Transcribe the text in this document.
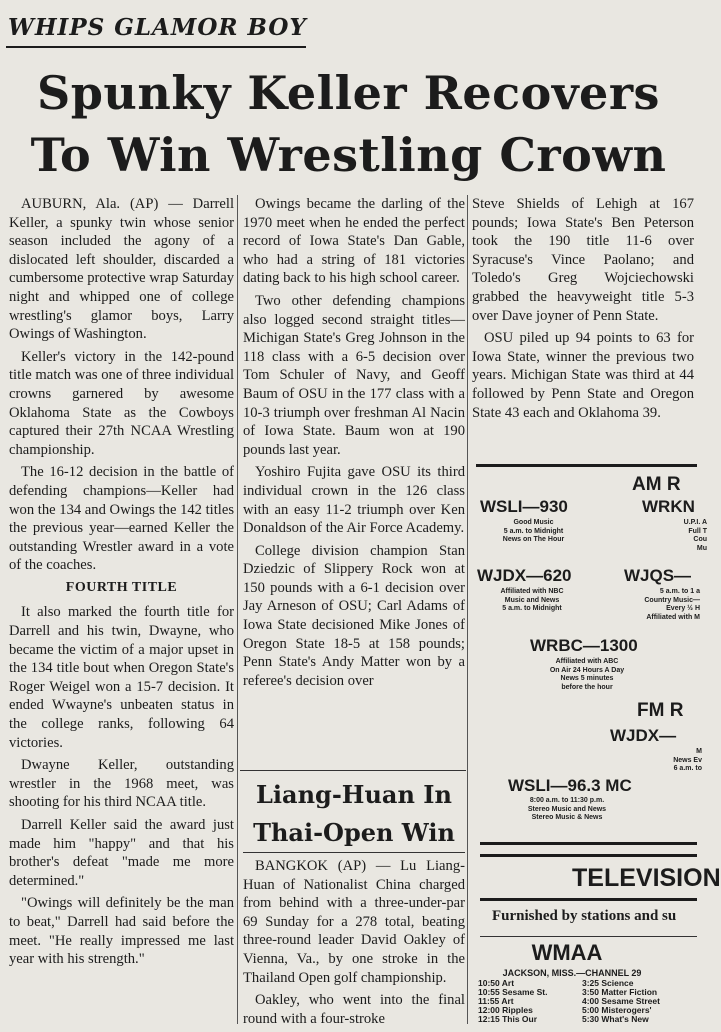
WHIPS GLAMOR BOY
Spunky Keller Recovers
To Win Wrestling Crown

AUBURN, Ala. (AP) — Darrell Keller, a spunky twin whose senior season included the agony of a dislocated left shoulder, discarded a cumbersome protective wrap Saturday night and whipped one of college wrestling's glamor boys, Larry Owings of Washington.

Keller's victory in the 142-pound title match was one of three individual crowns garnered by awesome Oklahoma State as the Cowboys captured their 27th NCAA Wrestling championship.

The 16-12 decision in the battle of defending champions—Keller had won the 134 and Owings the 142 titles the previous year—earned Keller the outstanding Wrestler award in a vote of the coaches.

FOURTH TITLE

It also marked the fourth title for Darrell and his twin, Dwayne, who became the victim of a major upset in the 134 title bout when Oregon State's Roger Weigel won a 15-7 decision. It ended Wwayne's unbeaten status in the college ranks, following 64 victories.

Dwayne Keller, outstanding wrestler in the 1968 meet, was shooting for his third NCAA title.

Darrell Keller said the award just made him "happy" and that his brother's defeat "made me more determined."

"Owings will definitely be the man to beat," Darrell had said before the meet. "He really impressed me last year with his strength."

Owings became the darling of the 1970 meet when he ended the perfect record of Iowa State's Dan Gable, who had a string of 181 victories dating back to his high school career.

Two other defending champions also logged second straight titles—Michigan State's Greg Johnson in the 118 class with a 6-5 decision over Tom Schuler of Navy, and Geoff Baum of OSU in the 177 class with a 10-3 triumph over freshman Al Nacin of Iowa State. Baum won at 190 pounds last year.

Yoshiro Fujita gave OSU its third individual crown in the 126 class with an easy 11-2 triumph over Ken Donaldson of the Air Force Academy.

College division champion Stan Dziedzic of Slippery Rock won at 150 pounds with a 6-1 decision over Jay Arneson of OSU; Carl Adams of Iowa State decisioned Mike Jones of Oregon State 18-5 at 158 pounds; Penn State's Andy Matter won by a referee's decision over

Liang-Huan In
Thai-Open Win

BANGKOK (AP) — Lu Liang-Huan of Nationalist China charged from behind with a three-under-par 69 Sunday for a 278 total, beating three-round leader David Oakley of Vienna, Va., by one stroke in the Thailand Open golf championship.

Oakley, who went into the final round with a four-stroke

Steve Shields of Lehigh at 167 pounds; Iowa State's Ben Peterson took the 190 title 11-6 over Syracuse's Vince Paolano; and Toledo's Greg Wojciechowski grabbed the heavyweight title 5-3 over Dave joyner of Penn State.

OSU piled up 94 points to 63 for Iowa State, winner the previous two years. Michigan State was third at 44 followed by Penn State and Oregon State 43 each and Oklahoma 39.

AM R
WSLI—930
Good Music
5 a.m. to Midnight
News on The Hour
WRKN
U.P.I. A
Full T
Cou
Mu
WJDX—620
Affiliated with NBC
Music and News
5 a.m. to Midnight
WJQS—
5 a.m. to 1 a
Country Music—
Every ½ H
Affiliated with M
WRBC—1300
Affiliated with ABC
On Air 24 Hours A Day
News 5 minutes
before the hour
FM R
WJDX—
M
News Ev
6 a.m. to
WSLI—96.3 MC
8:00 a.m. to 11:30 p.m.
Stereo Music and News
Stereo Music & News
TELEVISION
Furnished by stations and su
WMAA
JACKSON, MISS.—CHANNEL 29
10:50 Art
10:55 Sesame St.
11:55 Art
12:00 Ripples
12:15 This Our
3:25 Science
3:50 Matter Fiction
4:00 Sesame Street
5:00 Misterogers'
5:30 What's New
